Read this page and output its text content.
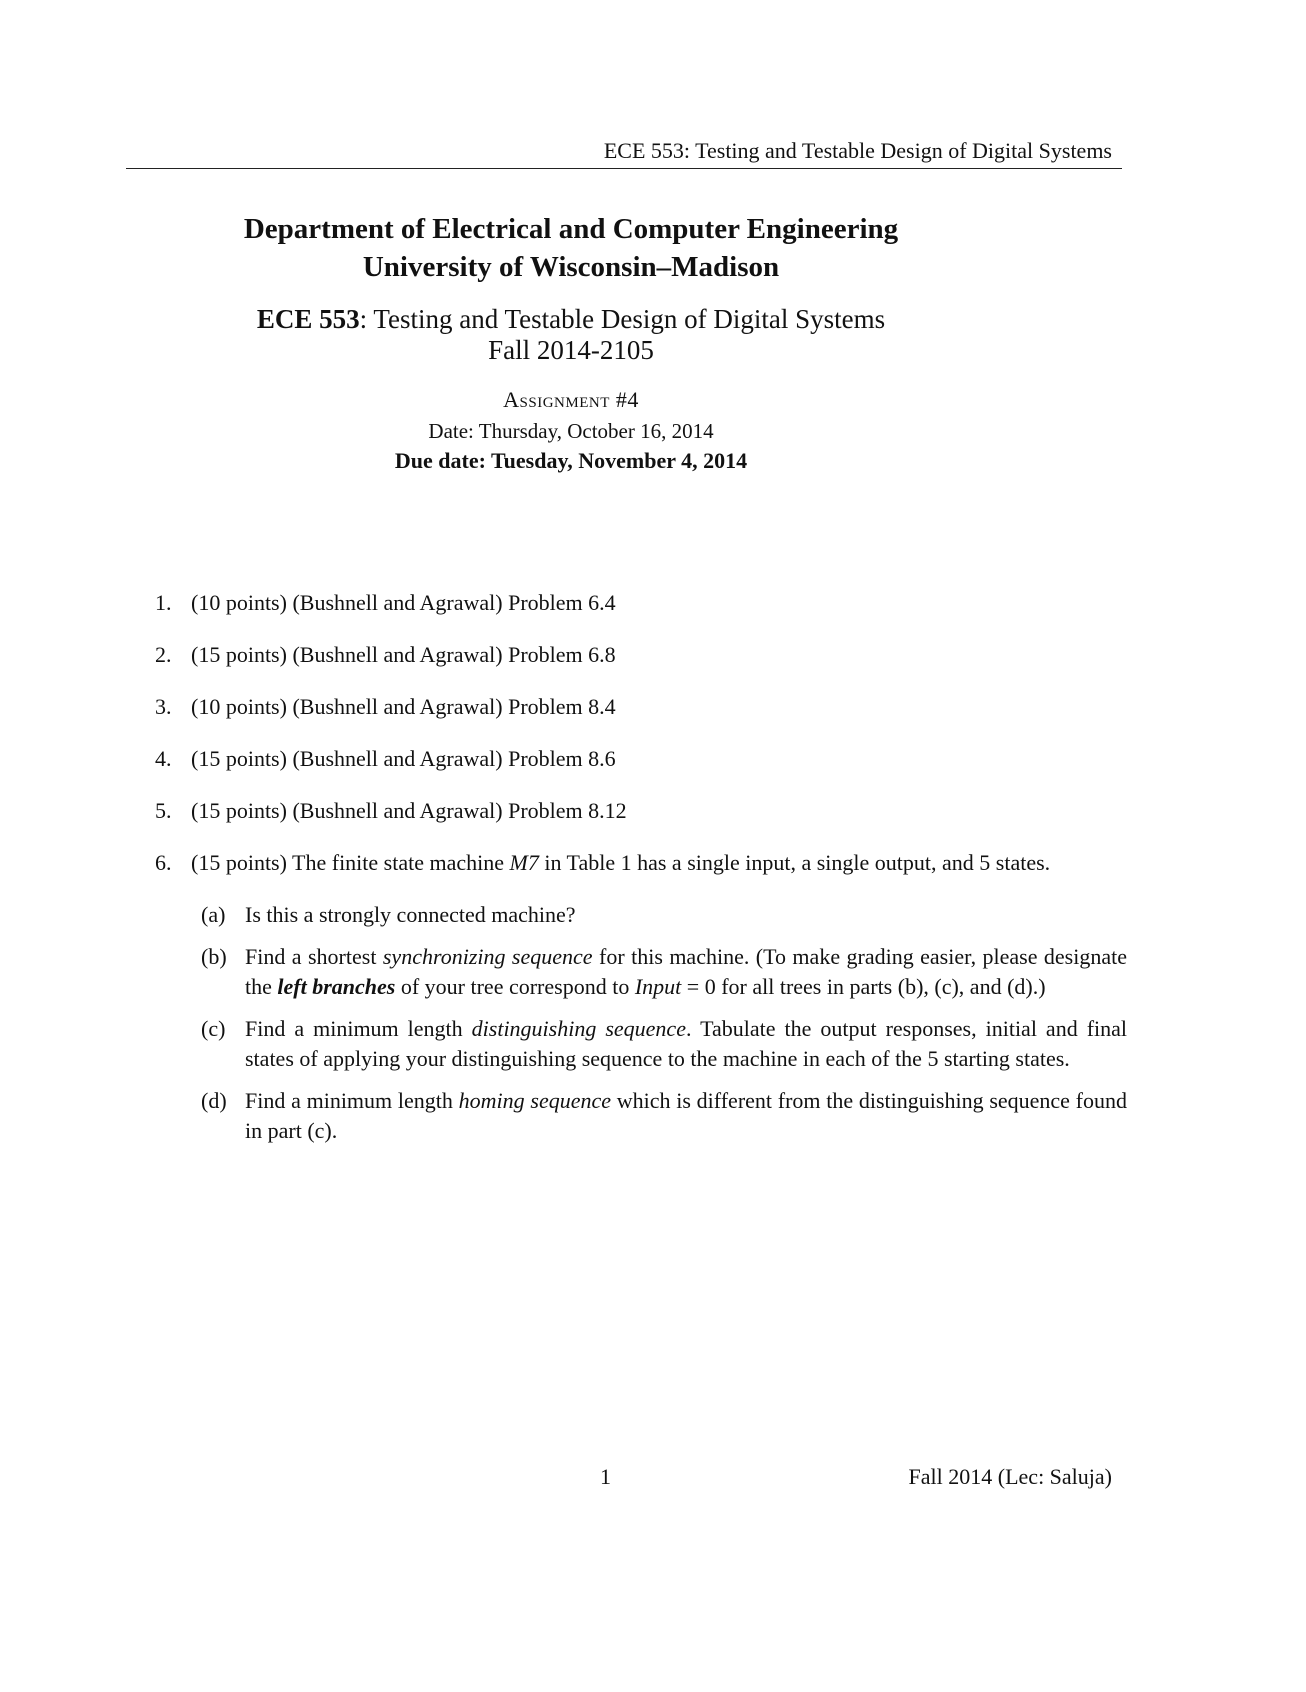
ECE 553: Testing and Testable Design of Digital Systems
Department of Electrical and Computer Engineering
University of Wisconsin–Madison
ECE 553: Testing and Testable Design of Digital Systems
Fall 2014-2105
Assignment #4
Date: Thursday, October 16, 2014
Due date: Tuesday, November 4, 2014
1. (10 points) (Bushnell and Agrawal) Problem 6.4
2. (15 points) (Bushnell and Agrawal) Problem 6.8
3. (10 points) (Bushnell and Agrawal) Problem 8.4
4. (15 points) (Bushnell and Agrawal) Problem 8.6
5. (15 points) (Bushnell and Agrawal) Problem 8.12
6. (15 points) The finite state machine M7 in Table 1 has a single input, a single output, and 5 states.
(a) Is this a strongly connected machine?
(b) Find a shortest synchronizing sequence for this machine. (To make grading easier, please designate the left branches of your tree correspond to Input = 0 for all trees in parts (b), (c), and (d).)
(c) Find a minimum length distinguishing sequence. Tabulate the output responses, initial and final states of applying your distinguishing sequence to the machine in each of the 5 starting states.
(d) Find a minimum length homing sequence which is different from the distinguishing sequence found in part (c).
1	Fall 2014 (Lec: Saluja)
